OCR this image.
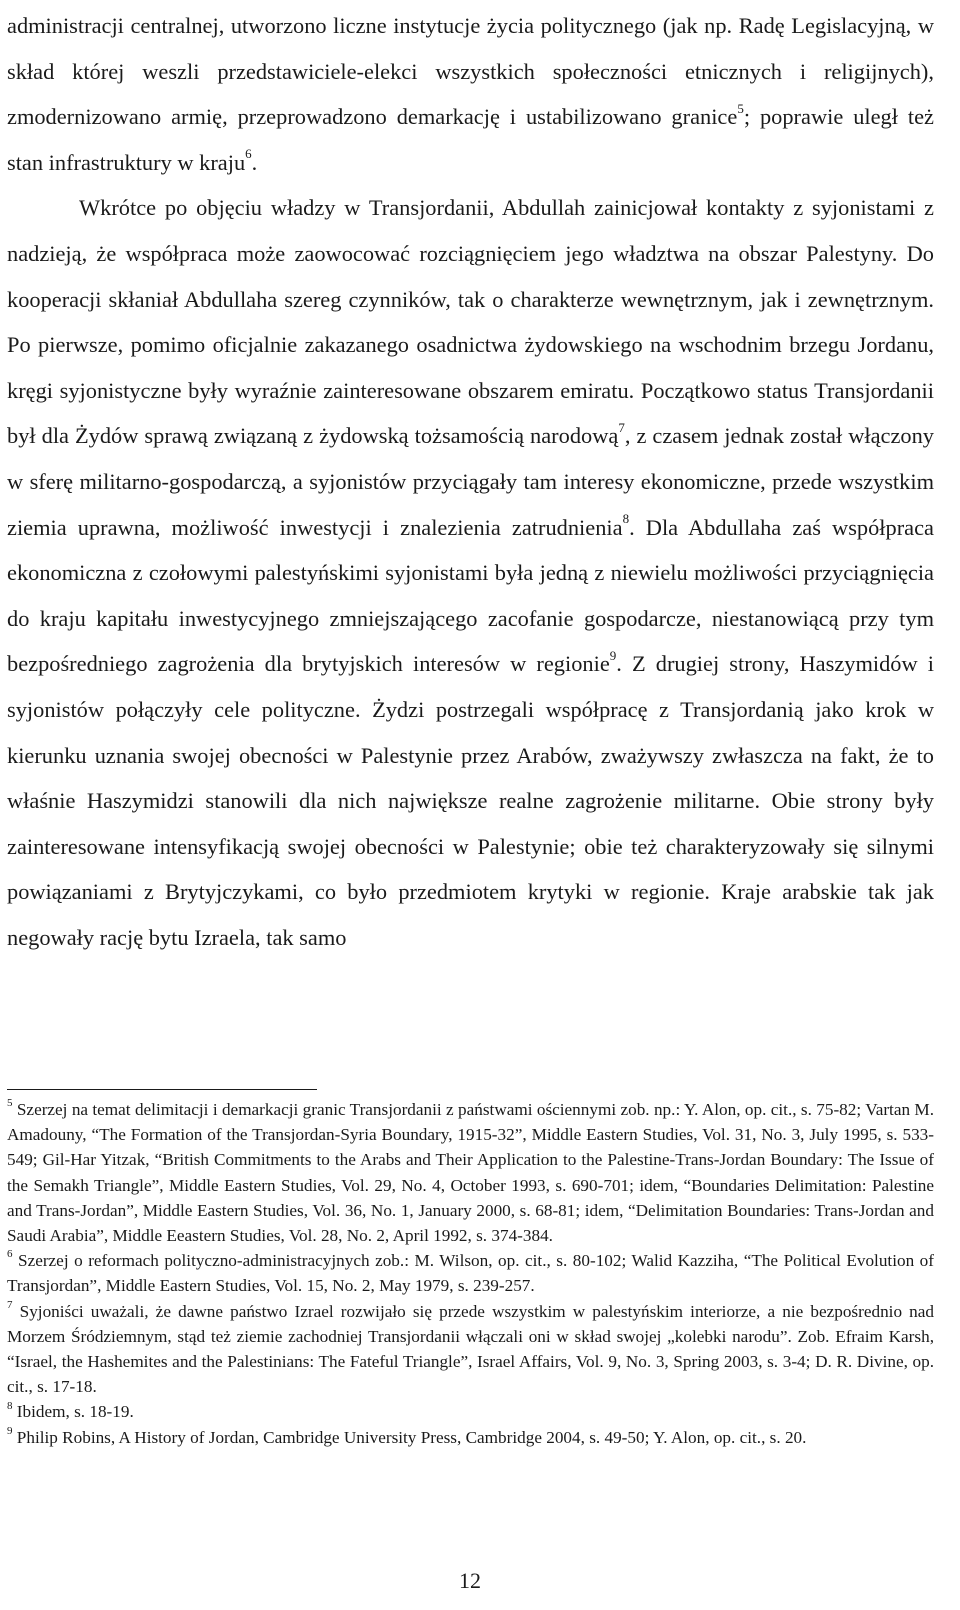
administracji centralnej, utworzono liczne instytucje życia politycznego (jak np. Radę Legislacyjną, w skład której weszli przedstawiciele-elekci wszystkich społeczności etnicznych i religijnych), zmodernizowano armię, przeprowadzono demarkację i ustabilizowano granice$^5$; poprawie uległ też stan infrastruktury w kraju$^6$.
Wkrótce po objęciu władzy w Transjordanii, Abdullah zainicjował kontakty z syjonistami z nadzieją, że współpraca może zaowocować rozciągnięciem jego władztwa na obszar Palestyny. Do kooperacji skłaniał Abdullaha szereg czynników, tak o charakterze wewnętrznym, jak i zewnętrznym. Po pierwsze, pomimo oficjalnie zakazanego osadnictwa żydowskiego na wschodnim brzegu Jordanu, kręgi syjonistyczne były wyraźnie zainteresowane obszarem emiratu. Początkowo status Transjordanii był dla Żydów sprawą związaną z żydowską tożsamością narodową$^7$, z czasem jednak został włączony w sferę militarno-gospodarczą, a syjonistów przyciągały tam interesy ekonomiczne, przede wszystkim ziemia uprawna, możliwość inwestycji i znalezienia zatrudnienia$^8$. Dla Abdullaha zaś współpraca ekonomiczna z czołowymi palestyńskimi syjonistami była jedną z niewielu możliwości przyciągnięcia do kraju kapitału inwestycyjnego zmniejszającego zacofanie gospodarcze, niestanowiącą przy tym bezpośredniego zagrożenia dla brytyjskich interesów w regionie$^9$. Z drugiej strony, Haszymidów i syjonistów połączyły cele polityczne. Żydzi postrzegali współpracę z Transjordanią jako krok w kierunku uznania swojej obecności w Palestynie przez Arabów, zważywszy zwłaszcza na fakt, że to właśnie Haszymidzi stanowili dla nich największe realne zagrożenie militarne. Obie strony były zainteresowane intensyfikacją swojej obecności w Palestynie; obie też charakteryzowały się silnymi powiązaniami z Brytyjczykami, co było przedmiotem krytyki w regionie. Kraje arabskie tak jak negowały rację bytu Izraela, tak samo

$^5$ Szerzej na temat delimitacji i demarkacji granic Transjordanii z państwami ościennymi zob. np.: Y. Alon, op. cit., s. 75-82; Vartan M. Amadouny, “The Formation of the Transjordan-Syria Boundary, 1915-32”, Middle Eastern Studies, Vol. 31, No. 3, July 1995, s. 533-549; Gil-Har Yitzak, “British Commitments to the Arabs and Their Application to the Palestine-Trans-Jordan Boundary: The Issue of the Semakh Triangle”, Middle Eastern Studies, Vol. 29, No. 4, October 1993, s. 690-701; idem, “Boundaries Delimitation: Palestine and Trans-Jordan”, Middle Eastern Studies, Vol. 36, No. 1, January 2000, s. 68-81; idem, “Delimitation Boundaries: Trans-Jordan and Saudi Arabia”, Middle Eeastern Studies, Vol. 28, No. 2, April 1992, s. 374-384.

$^6$ Szerzej o reformach polityczno-administracyjnych zob.: M. Wilson, op. cit., s. 80-102; Walid Kazziha, “The Political Evolution of Transjordan”, Middle Eastern Studies, Vol. 15, No. 2, May 1979, s. 239-257.

$^7$ Syjoniści uważali, że dawne państwo Izrael rozwijało się przede wszystkim w palestyńskim interiorze, a nie bezpośrednio nad Morzem Śródziemnym, stąd też ziemie zachodniej Transjordanii włączali oni w skład swojej „kolebki narodu”. Zob. Efraim Karsh, “Israel, the Hashemites and the Palestinians: The Fateful Triangle”, Israel Affairs, Vol. 9, No. 3, Spring 2003, s. 3-4; D. R. Divine, op. cit., s. 17-18.

$^8$ Ibidem, s. 18-19.

$^9$ Philip Robins, A History of Jordan, Cambridge University Press, Cambridge 2004, s. 49-50; Y. Alon, op. cit., s. 20.

12
